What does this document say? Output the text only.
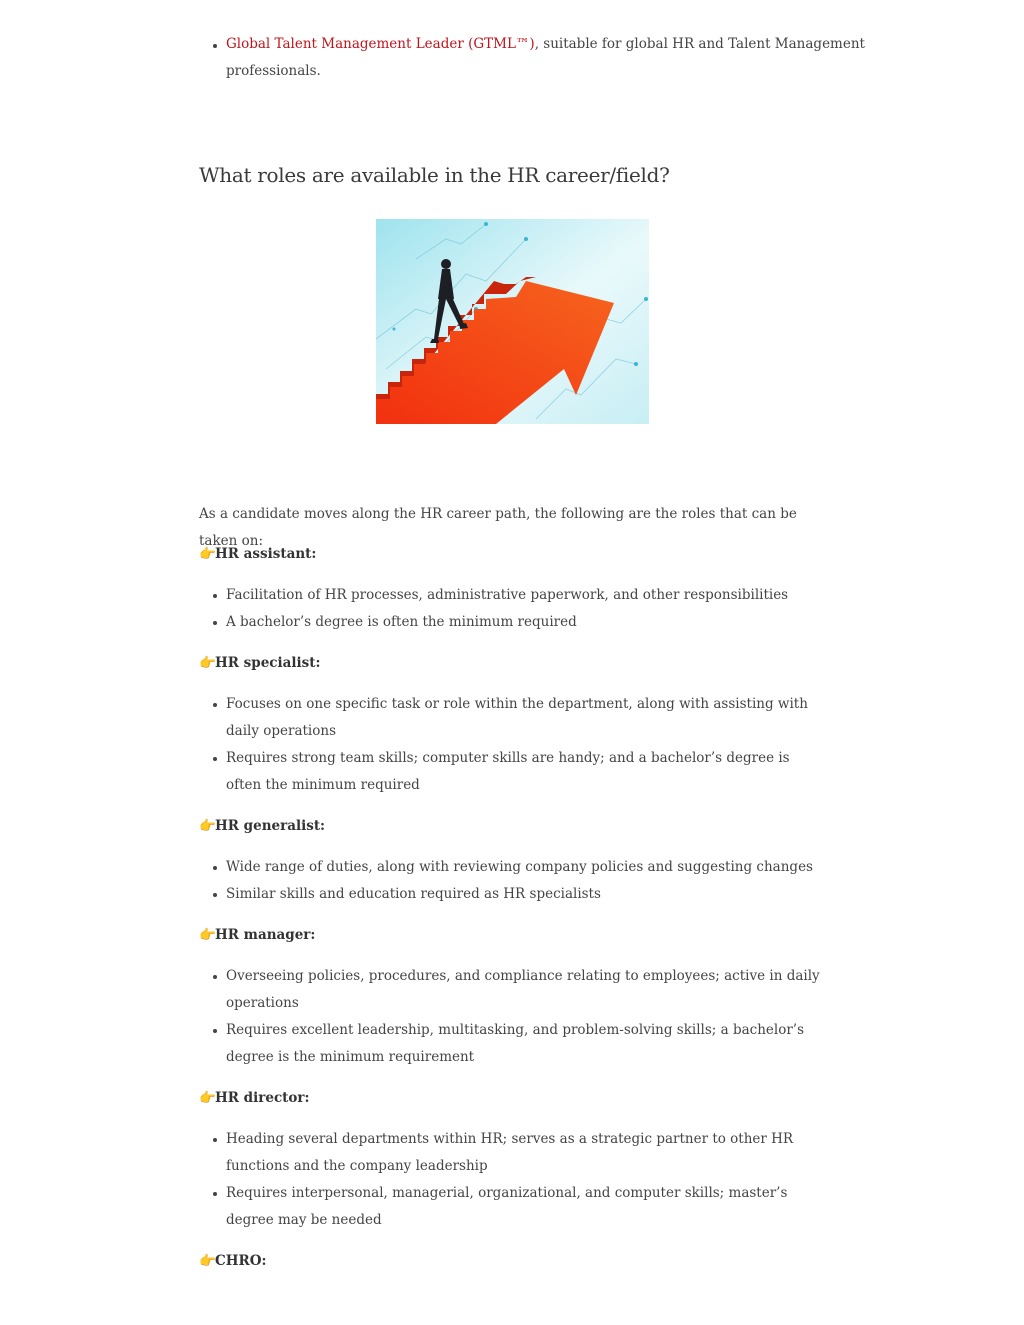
Global Talent Management Leader (GTML™), suitable for global HR and Talent Management
professionals.
What roles are available in the HR career/field?

As a candidate moves along the HR career path, the following are the roles that can be taken on:

👉HR assistant:

Facilitation of HR processes, administrative paperwork, and other responsibilities
A bachelor’s degree is often the minimum required

👉HR specialist:

Focuses on one specific task or role within the department, along with assisting with daily operations
Requires strong team skills; computer skills are handy; and a bachelor’s degree is often the minimum required

👉HR generalist:

Wide range of duties, along with reviewing company policies and suggesting changes
Similar skills and education required as HR specialists

👉HR manager:

Overseeing policies, procedures, and compliance relating to employees; active in daily operations
Requires excellent leadership, multitasking, and problem-solving skills; a bachelor’s degree is the minimum requirement

👉HR director:

Heading several departments within HR; serves as a strategic partner to other HR functions and the company leadership
Requires interpersonal, managerial, organizational, and computer skills; master’s degree may be needed

👉CHRO:
